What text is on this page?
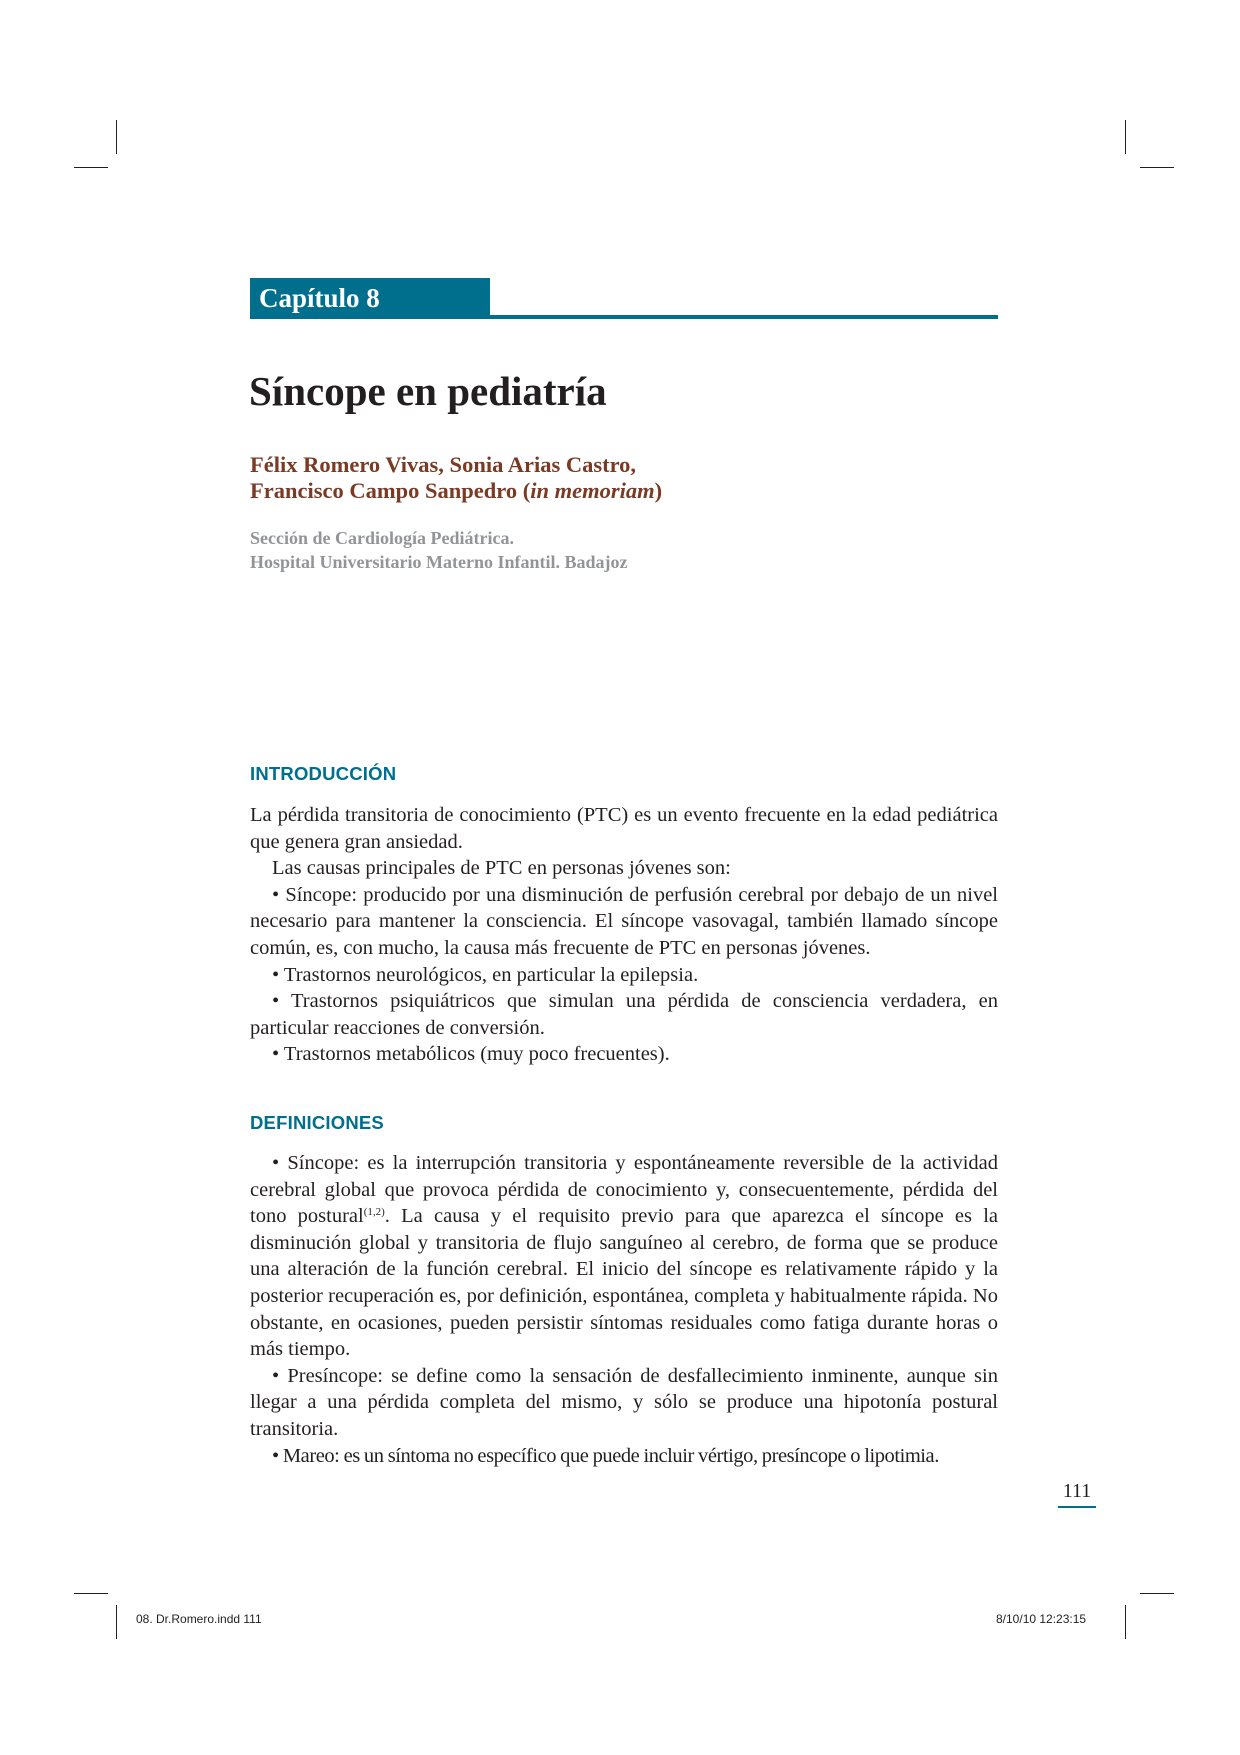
Capítulo 8
Síncope en pediatría
Félix Romero Vivas, Sonia Arias Castro,
Francisco Campo Sanpedro (in memoriam)
Sección de Cardiología Pediátrica.
Hospital Universitario Materno Infantil. Badajoz
INTRODUCCIÓN

La pérdida transitoria de conocimiento (PTC) es un evento frecuente en la edad pediátrica que genera gran ansiedad.

Las causas principales de PTC en personas jóvenes son:

• Síncope: producido por una disminución de perfusión cerebral por debajo de un nivel necesario para mantener la consciencia. El síncope vasovagal, también llamado síncope común, es, con mucho, la causa más frecuente de PTC en personas jóvenes.

• Trastornos neurológicos, en particular la epilepsia.

• Trastornos psiquiátricos que simulan una pérdida de consciencia verdadera, en particular reacciones de conversión.

• Trastornos metabólicos (muy poco frecuentes).

DEFINICIONES

• Síncope: es la interrupción transitoria y espontáneamente reversible de la actividad cerebral global que provoca pérdida de conocimiento y, consecuentemente, pérdida del tono postural$^{(1,2)}$. La causa y el requisito previo para que aparezca el síncope es la disminución global y transitoria de flujo sanguíneo al cerebro, de forma que se produce una alteración de la función cerebral. El inicio del síncope es relativamente rápido y la posterior recuperación es, por definición, espontánea, completa y habitualmente rápida. No obstante, en ocasiones, pueden persistir síntomas residuales como fatiga durante horas o más tiempo.

• Presíncope: se define como la sensación de desfallecimiento inminente, aunque sin llegar a una pérdida completa del mismo, y sólo se produce una hipotonía postural transitoria.

• Mareo: es un síntoma no específico que puede incluir vértigo, presíncope o lipotimia.

111
08. Dr.Romero.indd 111	8/10/10 12:23:15
